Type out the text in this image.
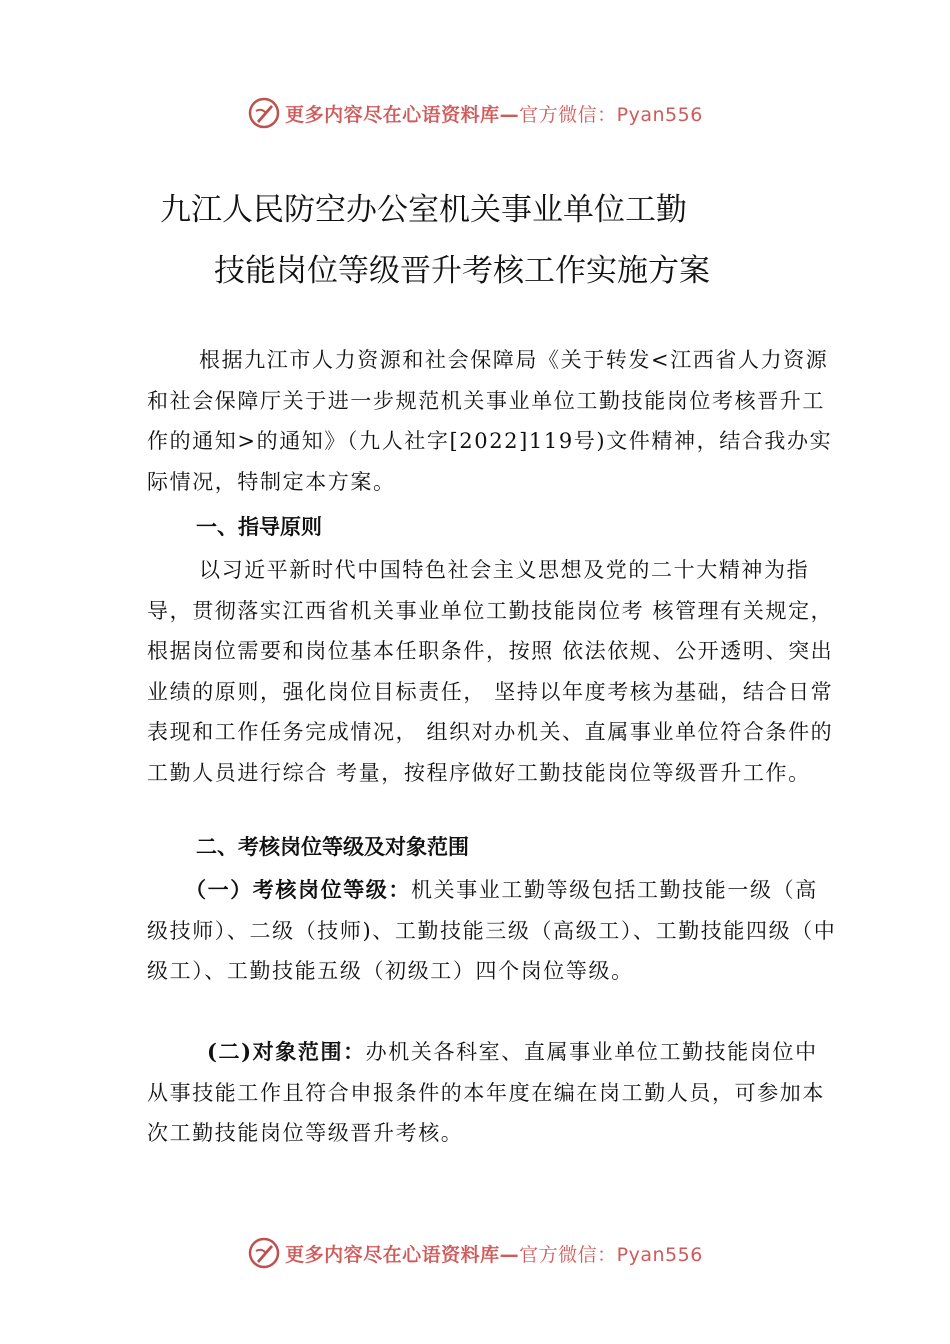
更多内容尽在心语资料库—官方微信：Pyan556
九江人民防空办公室机关事业单位工勤
技能岗位等级晋升考核工作实施方案

根据九江市人力资源和社会保障局《关于转发<江西省人力资源和社会保障厅关于进一步规范机关事业单位工勤技能岗位考核晋升工作的通知>的通知》（九人社字[2022]119号)文件精神，结合我办实际情况，特制定本方案。

一、指导原则

以习近平新时代中国特色社会主义思想及党的二十大精神为指导，贯彻落实江西省机关事业单位工勤技能岗位考 核管理有关规定，根据岗位需要和岗位基本任职条件，按照 依法依规、公开透明、突出业绩的原则，强化岗位目标责任， 坚持以年度考核为基础，结合日常表现和工作任务完成情况， 组织对办机关、直属事业单位符合条件的工勤人员进行综合 考量，按程序做好工勤技能岗位等级晋升工作。

二、考核岗位等级及对象范围

（一）考核岗位等级：机关事业工勤等级包括工勤技能一级（高级技师）、二级（技师)、工勤技能三级（高级工）、工勤技能四级（中级工）、工勤技能五级（初级工）四个岗位等级。

(二)对象范围：办机关各科室、直属事业单位工勤技能岗位中从事技能工作且符合申报条件的本年度在编在岗工勤人员，可参加本次工勤技能岗位等级晋升考核。

更多内容尽在心语资料库—官方微信：Pyan556
